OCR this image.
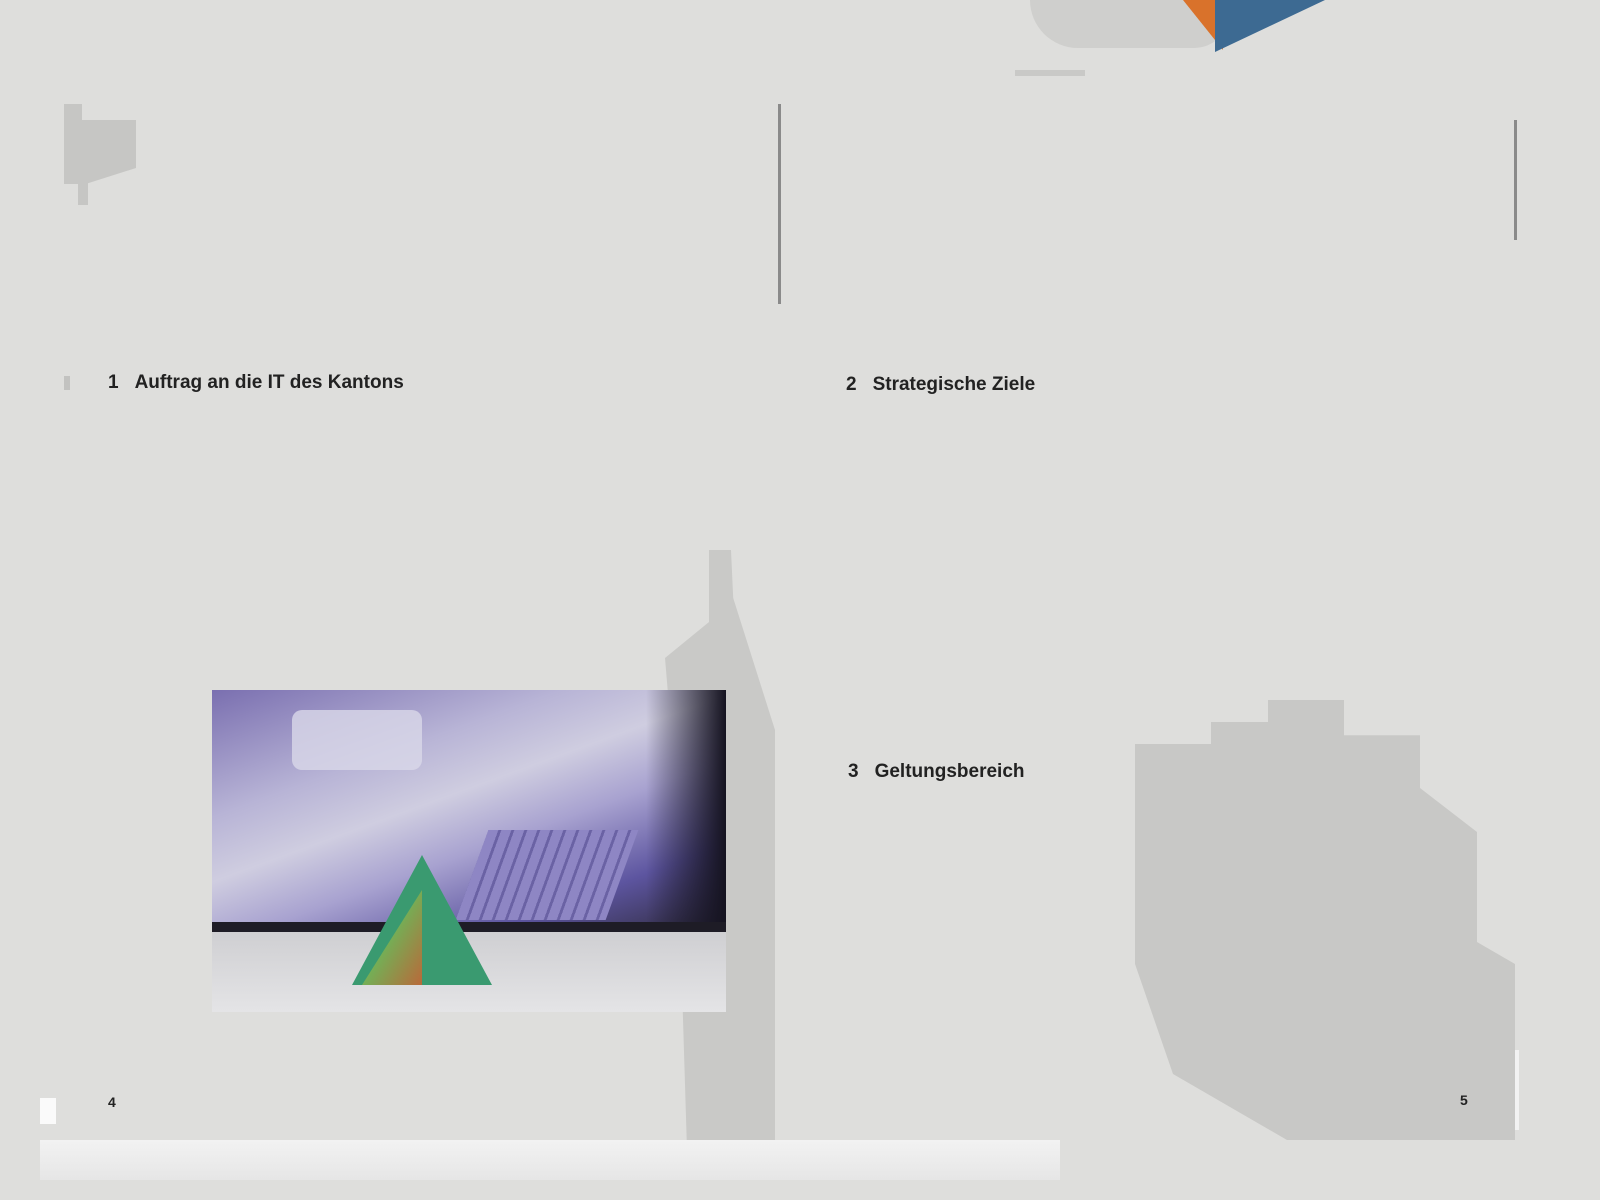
1 Auftrag an die IT des Kantons
4
2 Strategische Ziele
3 Geltungsbereich
5
